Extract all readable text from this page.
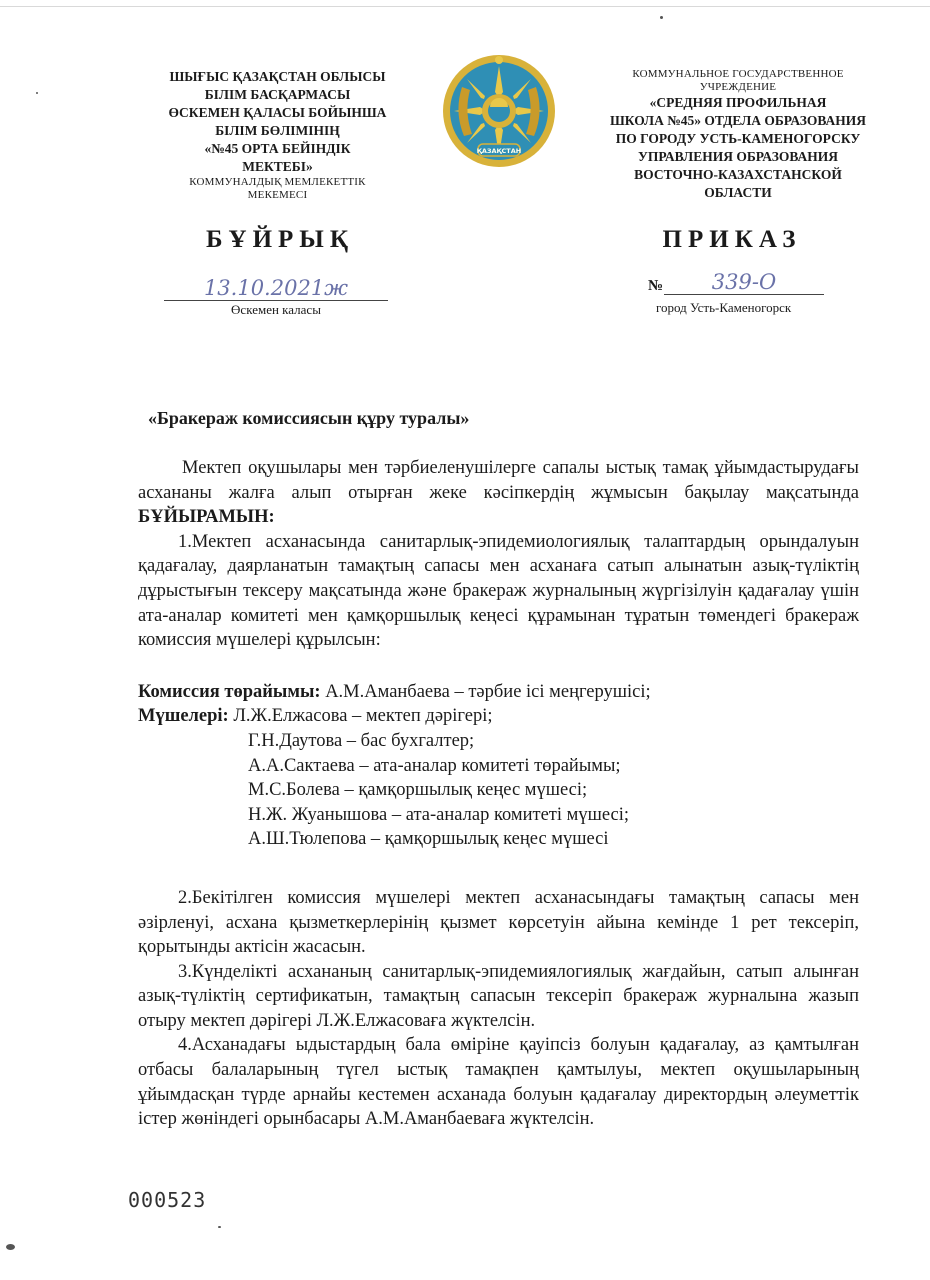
ШЫҒЫС ҚАЗАҚСТАН ОБЛЫСЫ
БІЛІМ БАСҚАРМАСЫ
ӨСКЕМЕН ҚАЛАСЫ БОЙЫНША
БІЛІМ БӨЛІМІНІҢ
«№45 ОРТА БЕЙІНДІК
МЕКТЕБІ»
КОММУНАЛДЫҚ МЕМЛЕКЕТТІК
МЕКЕМЕСІ
ҚАЗАҚСТАН
КОММУНАЛЬНОЕ ГОСУДАРСТВЕННОЕ
УЧРЕЖДЕНИЕ
«СРЕДНЯЯ ПРОФИЛЬНАЯ
ШКОЛА №45» ОТДЕЛА ОБРАЗОВАНИЯ
ПО ГОРОДУ УСТЬ-КАМЕНОГОРСКУ
УПРАВЛЕНИЯ ОБРАЗОВАНИЯ
ВОСТОЧНО-КАЗАХСТАНСКОЙ
ОБЛАСТИ
БҰЙРЫҚ	ПРИКАЗ
13.10.2021ж
Өскемен каласы
№	339-О
город Усть-Каменогорск
«Бракераж комиссиясын құру туралы»
Мектеп оқушылары мен тәрбиеленушілерге сапалы ыстық тамақ ұйымдастырудағы асхананы жалға алып отырған жеке кәсіпкердің жұмысын бақылау мақсатында БҰЙЫРАМЫН:
1.Мектеп асханасында санитарлық-эпидемиологиялық талаптардың орындалуын қадағалау, даярланатын тамақтың сапасы мен асханаға сатып алынатын азық-түліктің дұрыстығын тексеру мақсатында және бракераж журналының жүргізілуін қадағалау үшін ата-аналар комитеті мен қамқоршылық кеңесі құрамынан тұратын төмендегі бракераж комиссия мүшелері құрылсын:
Комиссия төрайымы: А.М.Аманбаева – тәрбие ісі меңгерушісі;
Мүшелері: Л.Ж.Елжасова – мектеп дәрігері;
Г.Н.Даутова – бас бухгалтер;
А.А.Сактаева – ата-аналар комитеті төрайымы;
М.С.Болева – қамқоршылық кеңес мүшесі;
Н.Ж. Жуанышова – ата-аналар комитеті мүшесі;
А.Ш.Тюлепова – қамқоршылық кеңес мүшесі
2.Бекітілген комиссия мүшелері мектеп асханасындағы тамақтың сапасы мен әзірленуі, асхана қызметкерлерінің қызмет көрсетуін айына кемінде 1 рет тексеріп, қорытынды актісін жасасын.
3.Күнделікті асхананың санитарлық-эпидемиялогиялық жағдайын, сатып алынған азық-түліктің сертификатын, тамақтың сапасын тексеріп бракераж журналына жазып отыру мектеп дәрігері Л.Ж.Елжасоваға жүктелсін.
4.Асханадағы ыдыстардың бала өміріне қауіпсіз болуын қадағалау, аз қамтылған отбасы балаларының түгел ыстық тамақпен қамтылуы, мектеп оқушыларының ұйымдасқан түрде арнайы кестемен асханада болуын қадағалау директордың әлеуметтік істер жөніндегі орынбасары А.М.Аманбаеваға жүктелсін.
000523
